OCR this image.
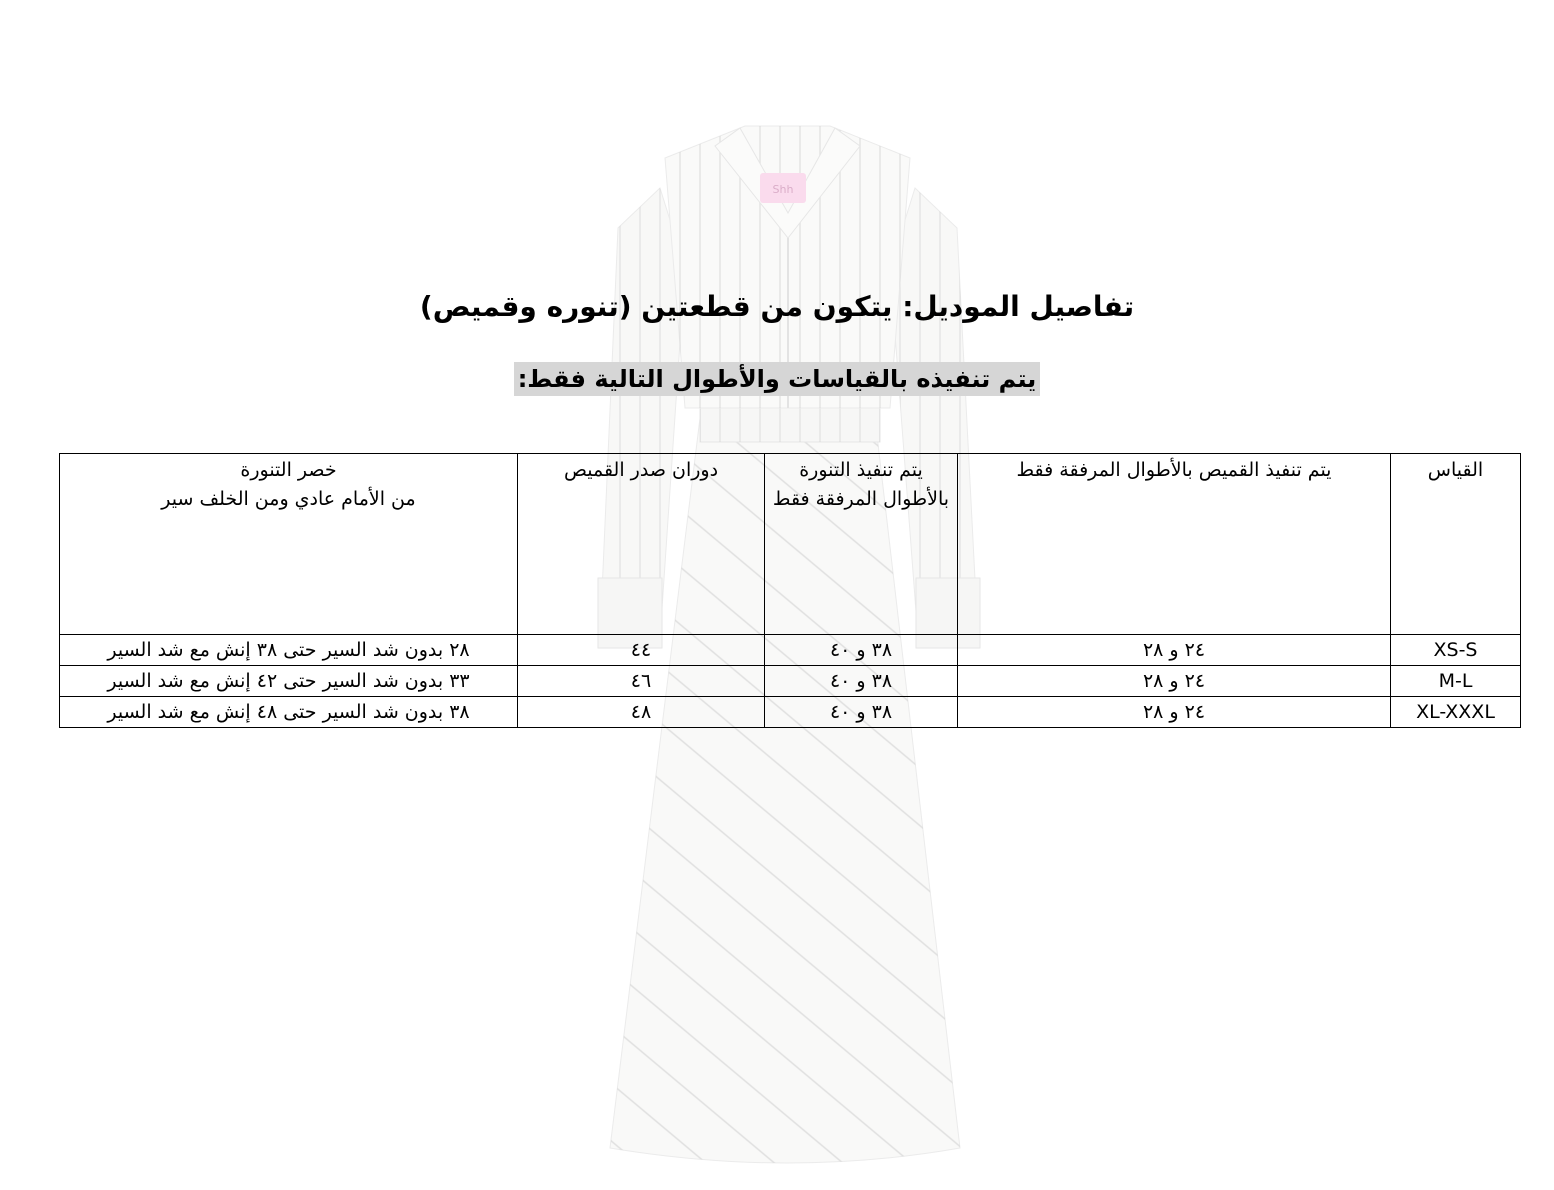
Shh
تفاصيل الموديل: يتكون من قطعتين (تنوره وقميص)
يتم تنفيذه بالقياسات والأطوال التالية فقط:
القياس	يتم تنفيذ القميص بالأطوال المرفقة فقط	يتم تنفيذ التنورة بالأطوال المرفقة فقط	دوران صدر القميص	خصر التنورة
من الأمام عادي ومن الخلف سير

XS-S	٢٤ و ٢٨	٣٨ و ٤٠	٤٤	٢٨ بدون شد السير حتى ٣٨ إنش مع شد السير
M-L	٢٤ و ٢٨	٣٨ و ٤٠	٤٦	٣٣ بدون شد السير حتى ٤٢ إنش مع شد السير
XL-XXXL	٢٤ و ٢٨	٣٨ و ٤٠	٤٨	٣٨ بدون شد السير حتى ٤٨ إنش مع شد السير
